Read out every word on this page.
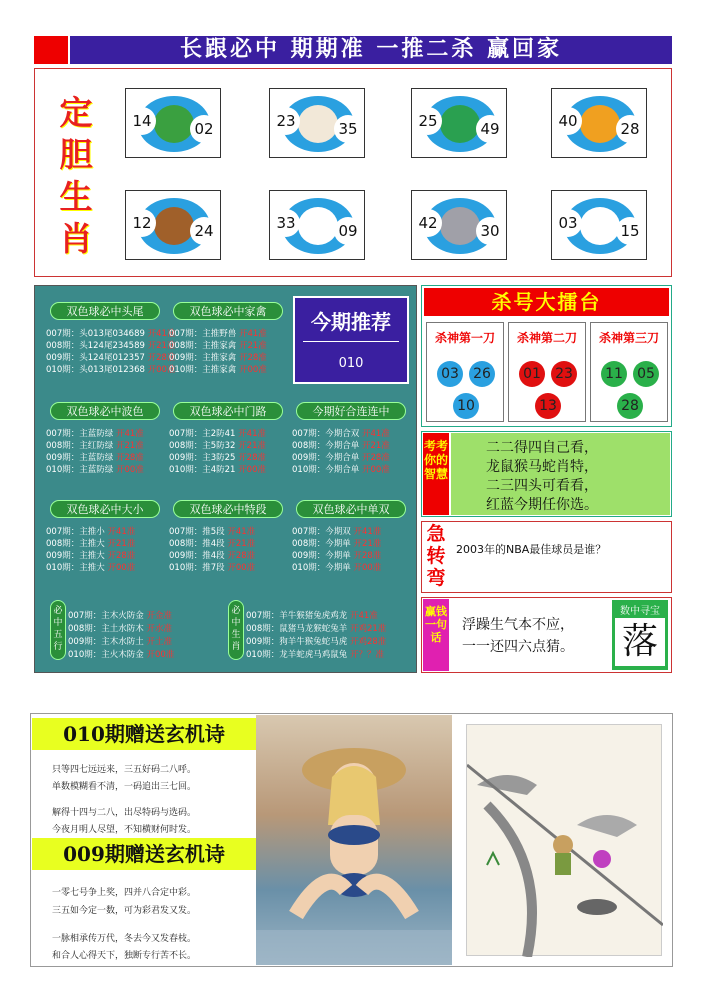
长跟必中 期期准 一推二杀 赢回家
定
胆
生
肖
14	02	23	35	25	49	40	28
12	24	33	09	42	30	03	15
今期推荐
010
双色球必中头尾
007期：头013尾034689 开41准
008期：头124尾234589 开21准
009期：头124尾012357 开28准
010期：头013尾012368 开00准
双色球必中家禽
007期：主推野兽 开41准
008期：主推家禽 开21准
009期：主推家禽 开28准
010期：主推家禽 开00准
双色球必中波色
007期：主蓝防绿 开41准
008期：主红防绿 开21准
009期：主蓝防绿 开28准
010期：主蓝防绿 开00准
双色球必中门路
007期：主2防41 开41准
008期：主5防32 开21准
009期：主3防25 开28准
010期：主4防21 开00准
今期好合连连中
007期：今期合双 开41准
008期：今期合单 开21准
009期：今期合单 开28准
010期：今期合单 开00准
双色球必中大小
007期：主推小 开41准
008期：主推大 开21准
009期：主推大 开28准
010期：主推大 开00准
双色球必中特段
007期：推5段 开41准
008期：推4段 开21准
009期：推4段 开28准
010期：推7段 开00准
双色球必中单双
007期：今期双 开41准
008期：今期单 开21准
009期：今期单 开28准
010期：今期单 开00准
必中五行
007期：主木火防金 开金准
008期：主土水防木 开水准
009期：主木水防土 开土准
010期：主火木防金 开00准
必中生肖
007期：羊牛猴猪兔虎鸡龙 开41准
008期：鼠猪马龙猴蛇兔羊 开鸡21准
009期：狗羊牛猴兔蛇马虎 开鸡28准
010期：龙羊蛇虎马鸡鼠兔 开？？准
杀号大擂台
杀神第一刀
03 26
10
杀神第二刀
01 23
13
杀神第三刀
11 05
28
考考你的智慧
二二得四自己看，
龙鼠猴马蛇肖特，
二三四头可看看，
红蓝今期任你选。
急转弯
2003年的NBA最佳球员是谁？
赢钱一句话
浮躁生气本不应，
一一还四六点猜。
数中寻宝
落
010期赠送玄机诗
只等四七远远来，三五好码二八呼。
单数模糊看不清，一码追出三七回。
解得十四与二八，出尽特码与选码。
今夜月明人尽望，不知横财何时发。
009期赠送玄机诗
一零七号争上奖，四并八合定中彩。
三五如今定一数，可为彩君发又发。
一脉相承传万代，冬去今又发春枝。
和合人心得天下，独断专行苦不长。
